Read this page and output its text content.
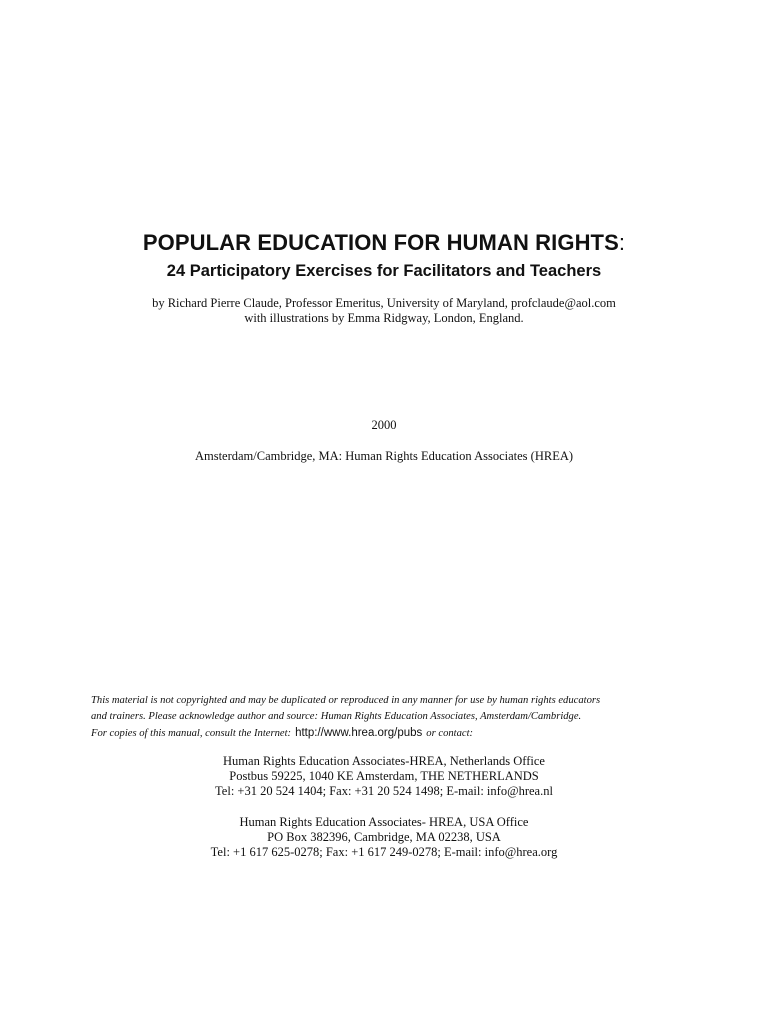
POPULAR EDUCATION FOR HUMAN RIGHTS:
24 Participatory Exercises for Facilitators and Teachers
by Richard Pierre Claude, Professor Emeritus, University of Maryland, profclaude@aol.com
with illustrations by Emma Ridgway, London, England.
2000
Amsterdam/Cambridge, MA: Human Rights Education Associates (HREA)
This material is not copyrighted and may be duplicated or reproduced in any manner for use by human rights educators
and trainers. Please acknowledge author and source: Human Rights Education Associates, Amsterdam/Cambridge.
For copies of this manual, consult the Internet: http://www.hrea.org/pubs or contact:
Human Rights Education Associates-HREA, Netherlands Office
Postbus 59225, 1040 KE Amsterdam, THE NETHERLANDS
Tel: +31 20 524 1404; Fax: +31 20 524 1498; E-mail: info@hrea.nl
Human Rights Education Associates- HREA, USA Office
PO Box 382396, Cambridge, MA 02238, USA
Tel: +1 617 625-0278; Fax: +1 617 249-0278; E-mail: info@hrea.org
